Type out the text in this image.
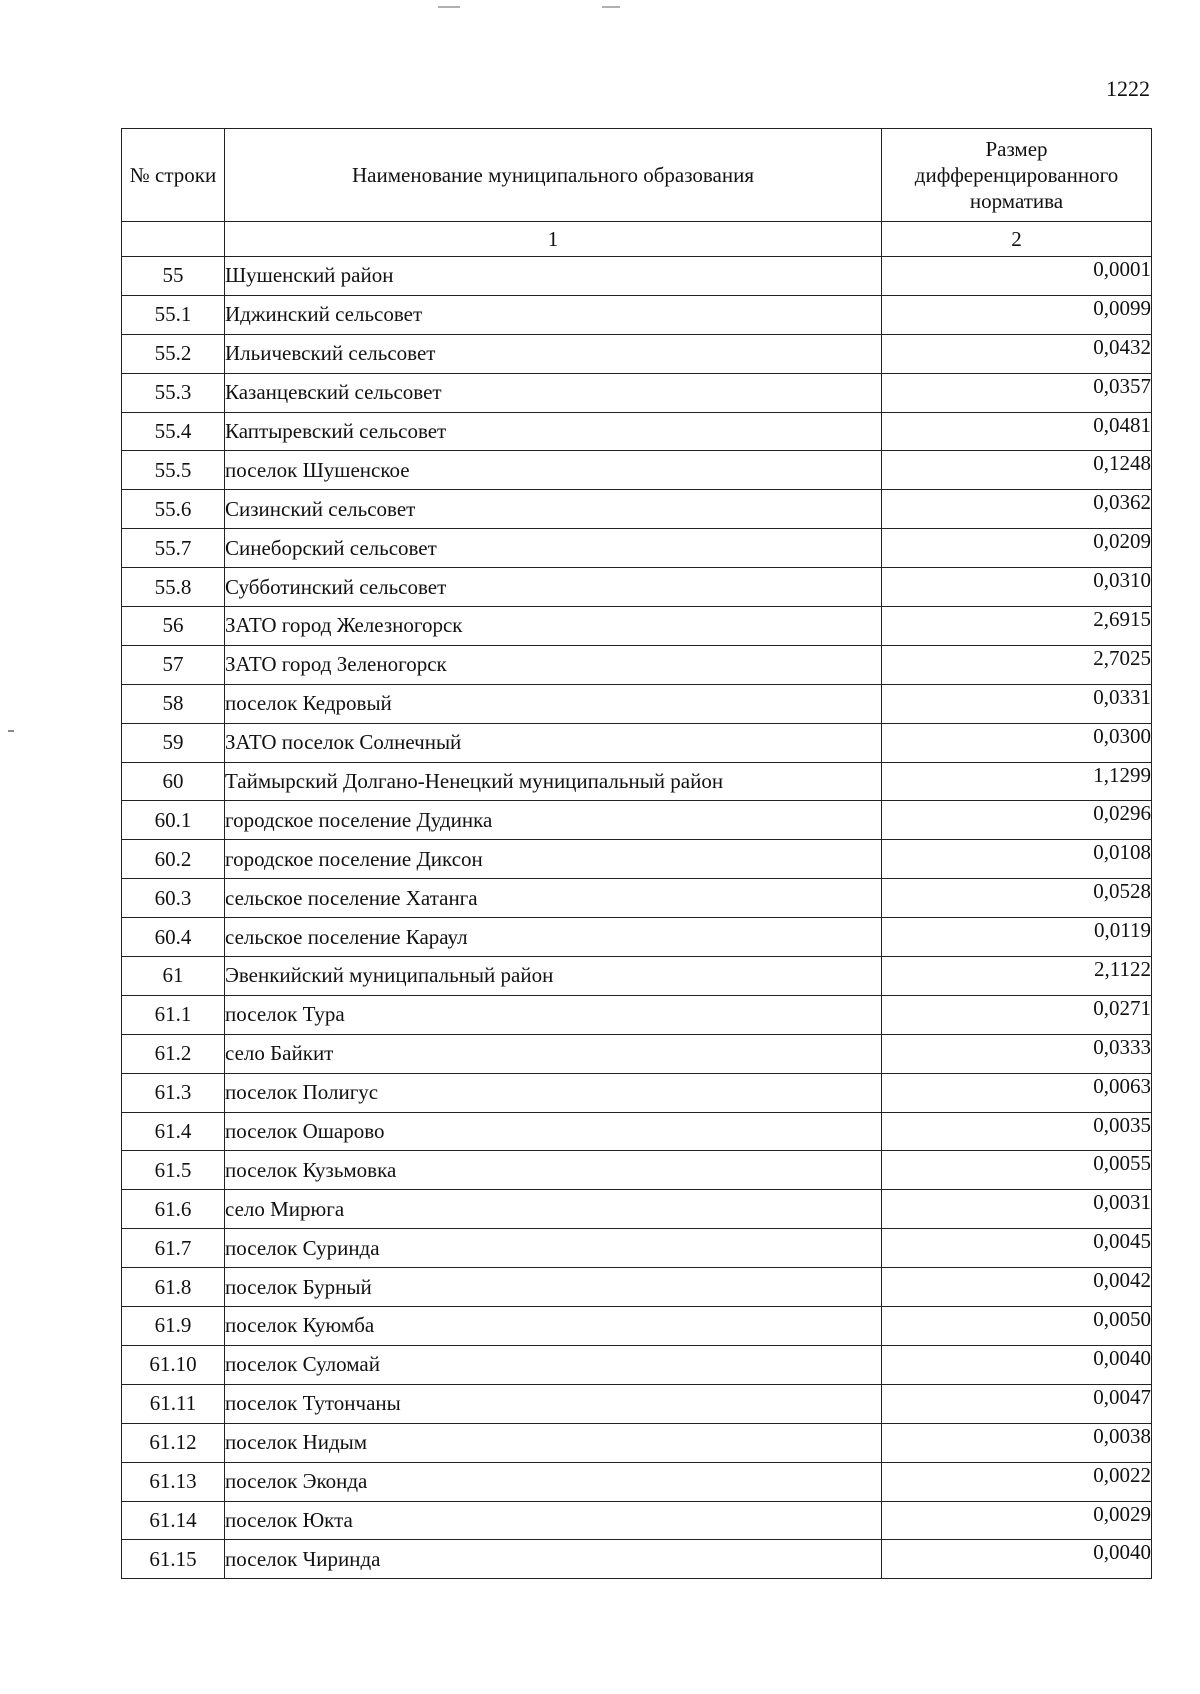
1222
№ строки	Наименование муниципального образования	Размер дифференцированного норматива
	1	2
55	Шушенский район	0,0001
55.1	Иджинский сельсовет	0,0099
55.2	Ильичевский сельсовет	0,0432
55.3	Казанцевский сельсовет	0,0357
55.4	Каптыревский сельсовет	0,0481
55.5	поселок Шушенское	0,1248
55.6	Сизинский сельсовет	0,0362
55.7	Синеборский сельсовет	0,0209
55.8	Субботинский сельсовет	0,0310
56	ЗАТО город Железногорск	2,6915
57	ЗАТО город Зеленогорск	2,7025
58	поселок Кедровый	0,0331
59	ЗАТО поселок Солнечный	0,0300
60	Таймырский Долгано-Ненецкий муниципальный район	1,1299
60.1	городское поселение Дудинка	0,0296
60.2	городское поселение Диксон	0,0108
60.3	сельское поселение Хатанга	0,0528
60.4	сельское поселение Караул	0,0119
61	Эвенкийский муниципальный район	2,1122
61.1	поселок Тура	0,0271
61.2	село Байкит	0,0333
61.3	поселок Полигус	0,0063
61.4	поселок Ошарово	0,0035
61.5	поселок Кузьмовка	0,0055
61.6	село Мирюга	0,0031
61.7	поселок Суринда	0,0045
61.8	поселок Бурный	0,0042
61.9	поселок Куюмба	0,0050
61.10	поселок Суломай	0,0040
61.11	поселок Тутончаны	0,0047
61.12	поселок Нидым	0,0038
61.13	поселок Эконда	0,0022
61.14	поселок Юкта	0,0029
61.15	поселок Чиринда	0,0040
